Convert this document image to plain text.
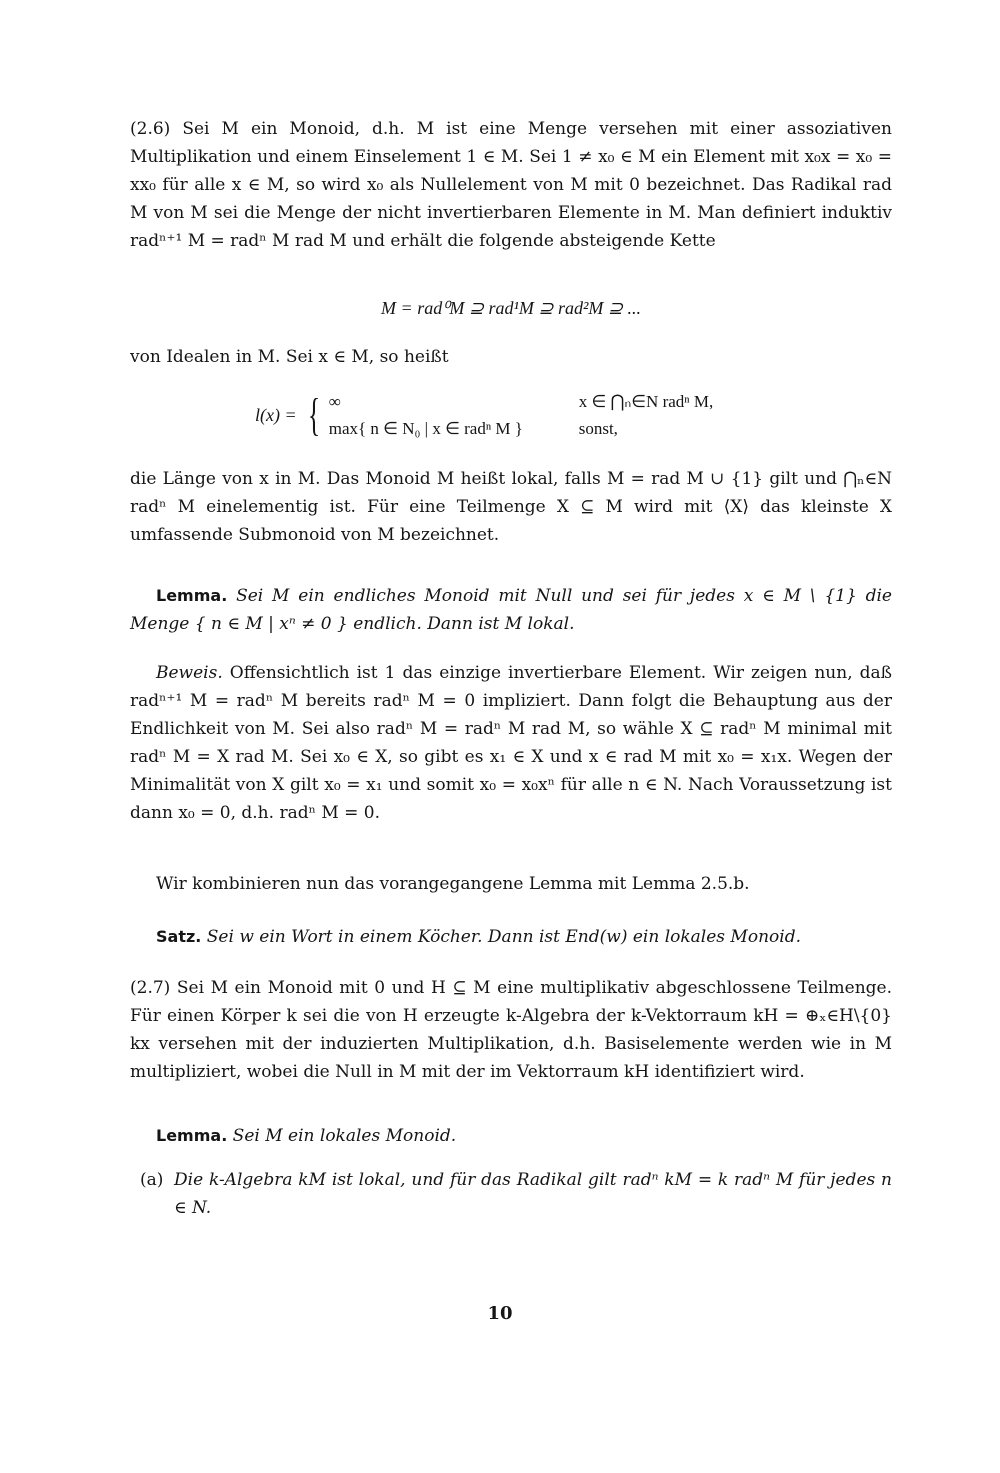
(2.6) Sei M ein Monoid, d.h. M ist eine Menge versehen mit einer assoziativen Multiplikation und einem Einselement 1 ∈ M. Sei 1 ≠ x₀ ∈ M ein Element mit x₀x = x₀ = xx₀ für alle x ∈ M, so wird x₀ als Nullelement von M mit 0 bezeichnet. Das Radikal rad M von M sei die Menge der nicht invertierbaren Elemente in M. Man definiert induktiv radⁿ⁺¹ M = radⁿ M rad M und erhält die folgende absteigende Kette

M = rad⁰M ⊇ rad¹M ⊇ rad²M ⊇ ...

von Idealen in M. Sei x ∈ M, so heißt

l(x) =	{	∞	x ∈ ⋂ₙ∈N radⁿ M,
		max{ n ∈ N₀ | x ∈ radⁿ M }	sonst,

die Länge von x in M. Das Monoid M heißt lokal, falls M = rad M ∪ {1} gilt und ⋂ₙ∈N radⁿ M einelementig ist. Für eine Teilmenge X ⊆ M wird mit ⟨X⟩ das kleinste X umfassende Submonoid von M bezeichnet.

Lemma. Sei M ein endliches Monoid mit Null und sei für jedes x ∈ M \ {1} die Menge { n ∈ M | xⁿ ≠ 0 } endlich. Dann ist M lokal.

Beweis. Offensichtlich ist 1 das einzige invertierbare Element. Wir zeigen nun, daß radⁿ⁺¹ M = radⁿ M bereits radⁿ M = 0 impliziert. Dann folgt die Behauptung aus der Endlichkeit von M. Sei also radⁿ M = radⁿ M rad M, so wähle X ⊆ radⁿ M minimal mit radⁿ M = X rad M. Sei x₀ ∈ X, so gibt es x₁ ∈ X und x ∈ rad M mit x₀ = x₁x. Wegen der Minimalität von X gilt x₀ = x₁ und somit x₀ = x₀xⁿ für alle n ∈ N. Nach Voraussetzung ist dann x₀ = 0, d.h. radⁿ M = 0.

Wir kombinieren nun das vorangegangene Lemma mit Lemma 2.5.b.

Satz. Sei w ein Wort in einem Köcher. Dann ist End(w) ein lokales Monoid.

(2.7) Sei M ein Monoid mit 0 und H ⊆ M eine multiplikativ abgeschlossene Teilmenge. Für einen Körper k sei die von H erzeugte k-Algebra der k-Vektorraum kH = ⊕ₓ∈H\{0} kx versehen mit der induzierten Multiplikation, d.h. Basiselemente werden wie in M multipliziert, wobei die Null in M mit der im Vektorraum kH identifiziert wird.

Lemma. Sei M ein lokales Monoid.

(a) Die k-Algebra kM ist lokal, und für das Radikal gilt radⁿ kM = k radⁿ M für jedes n ∈ N.
10
